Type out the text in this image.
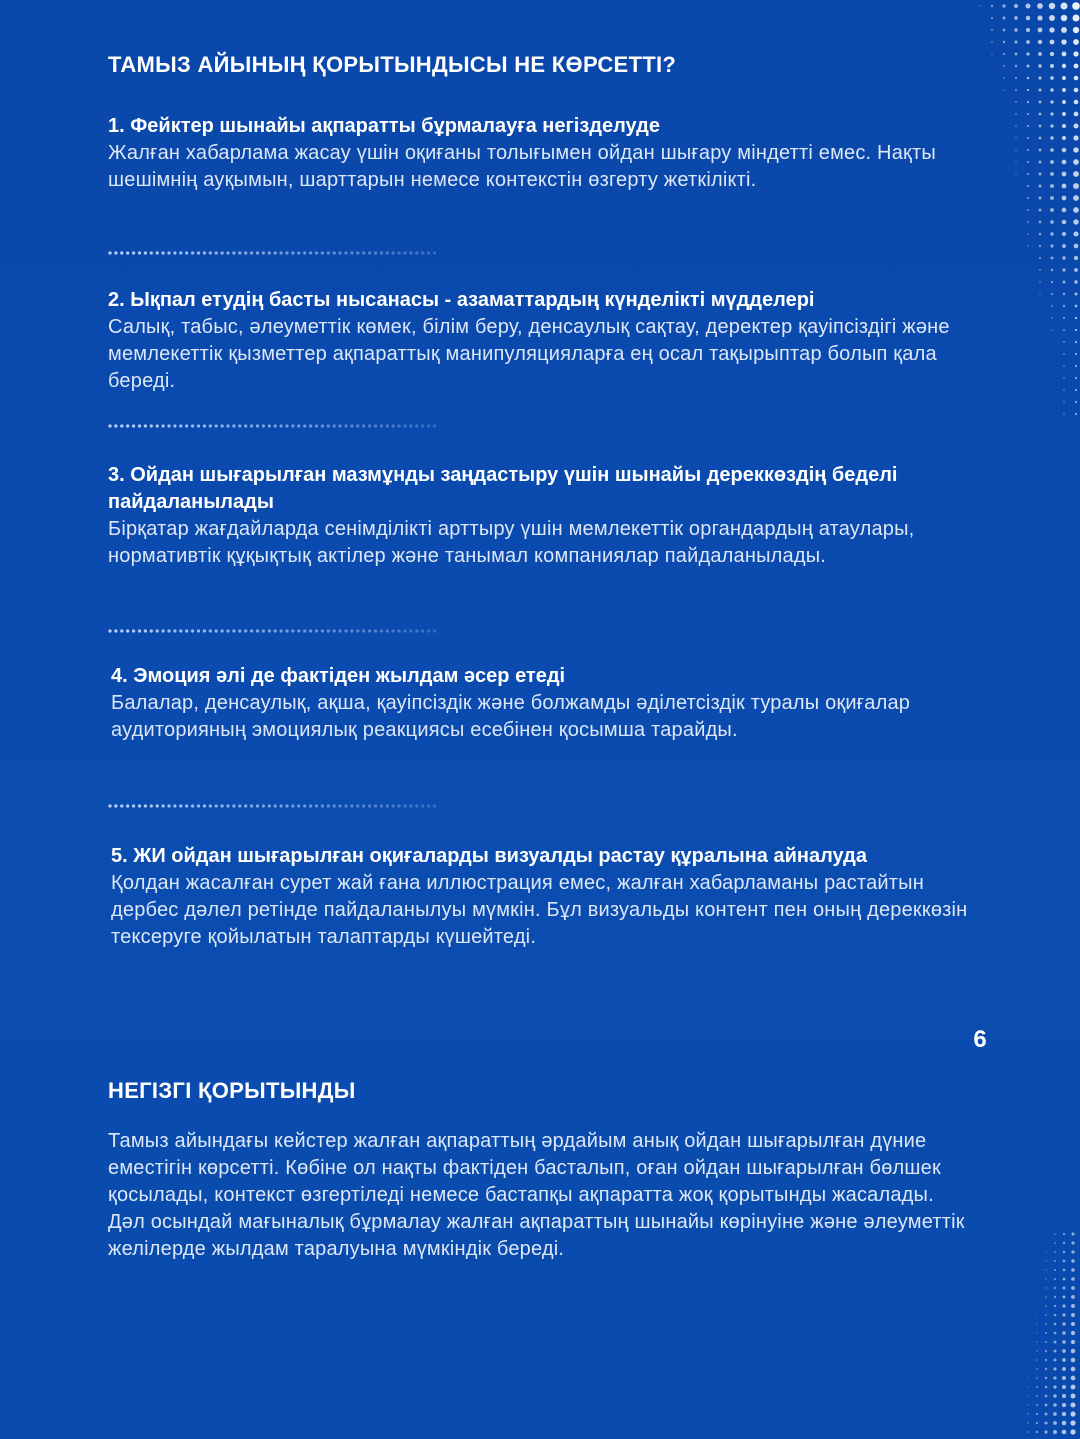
ТАМЫЗ АЙЫНЫҢ ҚОРЫТЫНДЫСЫ НЕ КӨРСЕТТІ?

1. Фейктер шынайы ақпаратты бұрмалауға негізделуде

Жалған хабарлама жасау үшін оқиғаны толығымен ойдан шығару міндетті емес. Нақты шешімнің ауқымын, шарттарын немесе контекстін өзгерту жеткілікті.

2. Ықпал етудің басты нысанасы - азаматтардың күнделікті мүдделері

Салық, табыс, әлеуметтік көмек, білім беру, денсаулық сақтау, деректер қауіпсіздігі және мемлекеттік қызметтер ақпараттық манипуляцияларға ең осал тақырыптар болып қала береді.

3. Ойдан шығарылған мазмұнды заңдастыру үшін шынайы дереккөздің беделі пайдаланылады

Бірқатар жағдайларда сенімділікті арттыру үшін мемлекеттік органдардың атаулары, нормативтік құқықтық актілер және танымал компаниялар пайдаланылады.

4. Эмоция әлі де фактіден жылдам әсер етеді

Балалар, денсаулық, ақша, қауіпсіздік және болжамды әділетсіздік туралы оқиғалар аудиторияның эмоциялық реакциясы есебінен қосымша тарайды.

5. ЖИ ойдан шығарылған оқиғаларды визуалды растау құралына айналуда

Қолдан жасалған сурет жай ғана иллюстрация емес, жалған хабарламаны растайтын дербес дәлел ретінде пайдаланылуы мүмкін. Бұл визуальды контент пен оның дереккөзін тексеруге қойылатын талаптарды күшейтеді.

НЕГІЗГІ ҚОРЫТЫНДЫ

Тамыз айындағы кейстер жалған ақпараттың әрдайым анық ойдан шығарылған дүние еместігін көрсетті. Көбіне ол нақты фактіден басталып, оған ойдан шығарылған бөлшек қосылады, контекст өзгертіледі немесе бастапқы ақпаратта жоқ қорытынды жасалады.

Дәл осындай мағыналық бұрмалау жалған ақпараттың шынайы көрінуіне және әлеуметтік желілерде жылдам таралуына мүмкіндік береді.

6
